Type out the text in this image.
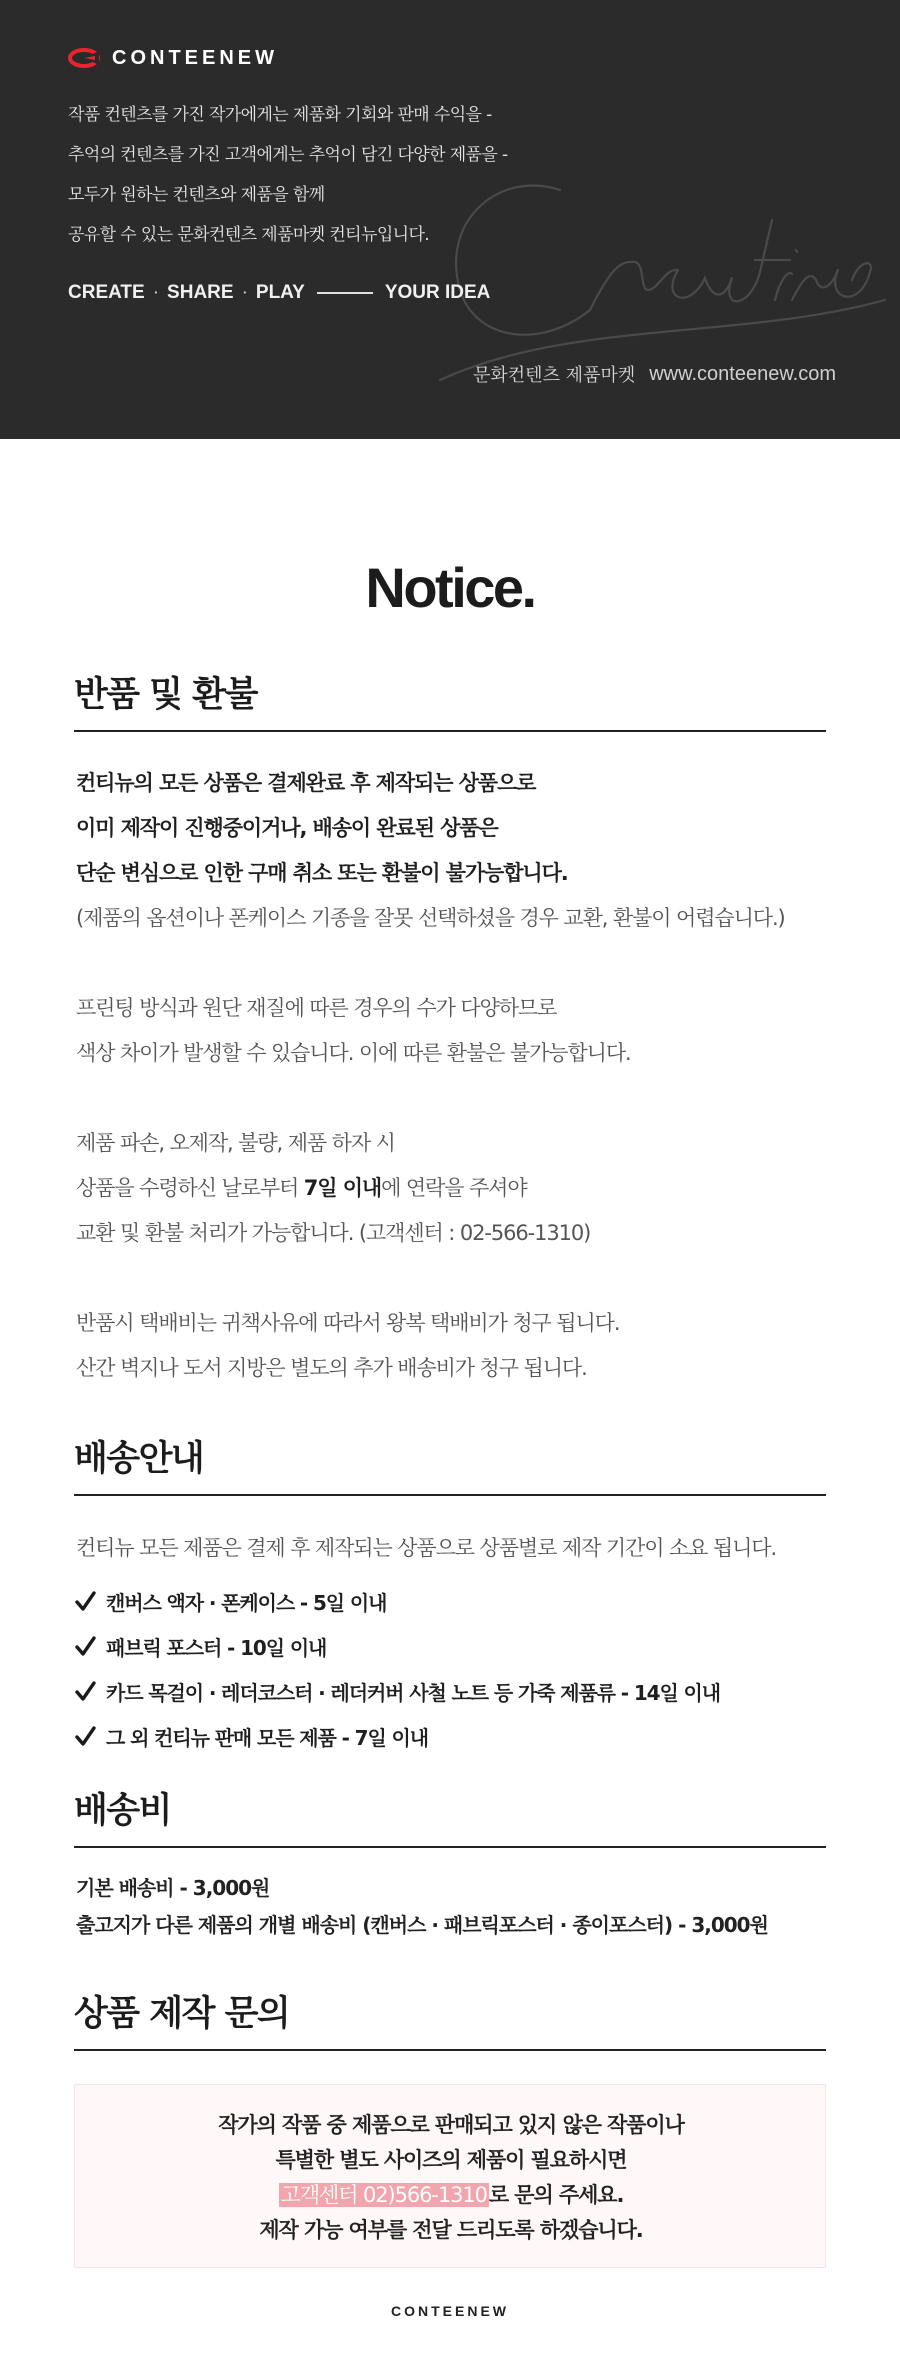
CONTEENEW
작품 컨텐츠를 가진 작가에게는 제품화 기회와 판매 수익을 -
추억의 컨텐츠를 가진 고객에게는 추억이 담긴 다양한 제품을 -
모두가 원하는 컨텐츠와 제품을 함께
공유할 수 있는 문화컨텐츠 제품마켓 컨티뉴입니다.
CREATE · SHARE · PLAY	YOUR IDEA
문화컨텐츠 제품마켓 www.conteenew.com
Notice.
반품 및 환불
컨티뉴의 모든 상품은 결제완료 후 제작되는 상품으로
이미 제작이 진행중이거나, 배송이 완료된 상품은
단순 변심으로 인한 구매 취소 또는 환불이 불가능합니다.
(제품의 옵션이나 폰케이스 기종을 잘못 선택하셨을 경우 교환, 환불이 어렵습니다.)
프린팅 방식과 원단 재질에 따른 경우의 수가 다양하므로
색상 차이가 발생할 수 있습니다. 이에 따른 환불은 불가능합니다.
제품 파손, 오제작, 불량, 제품 하자 시
상품을 수령하신 날로부터 7일 이내에 연락을 주셔야
교환 및 환불 처리가 가능합니다. (고객센터 : 02-566-1310)
반품시 택배비는 귀책사유에 따라서 왕복 택배비가 청구 됩니다.
산간 벽지나 도서 지방은 별도의 추가 배송비가 청구 됩니다.
배송안내
컨티뉴 모든 제품은 결제 후 제작되는 상품으로 상품별로 제작 기간이 소요 됩니다.
캔버스 액자 · 폰케이스 - 5일 이내
패브릭 포스터 - 10일 이내
카드 목걸이 · 레더코스터 · 레더커버 사철 노트 등 가죽 제품류 - 14일 이내
그 외 컨티뉴 판매 모든 제품 - 7일 이내
배송비
기본 배송비 - 3,000원
출고지가 다른 제품의 개별 배송비 (캔버스 · 패브릭포스터 · 종이포스터) - 3,000원
상품 제작 문의
작가의 작품 중 제품으로 판매되고 있지 않은 작품이나
특별한 별도 사이즈의 제품이 필요하시면
고객센터 02)566-1310로 문의 주세요.
제작 가능 여부를 전달 드리도록 하겠습니다.
CONTEENEW
